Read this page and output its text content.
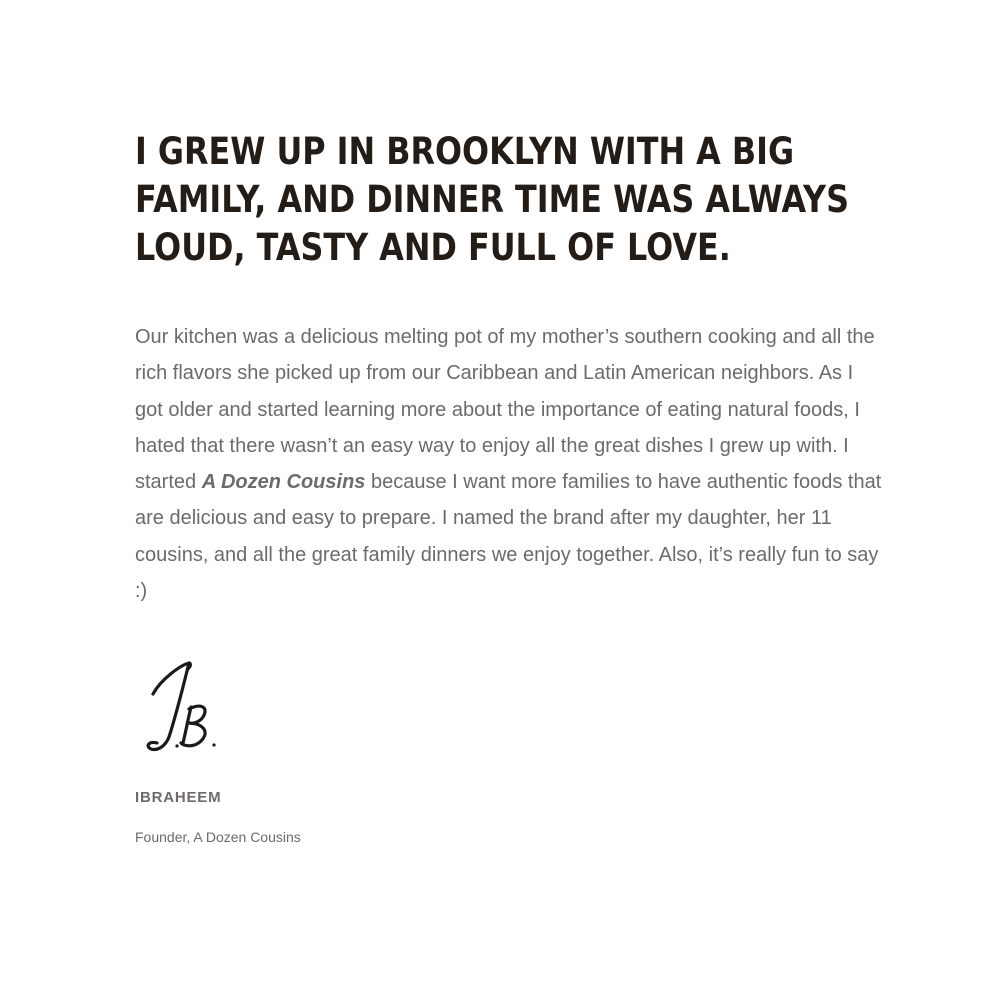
I GREW UP IN BROOKLYN WITH A BIG FAMILY, AND DINNER TIME WAS ALWAYS LOUD, TASTY AND FULL OF LOVE.

Our kitchen was a delicious melting pot of my mother’s southern cooking and all the rich flavors she picked up from our Caribbean and Latin American neighbors. As I got older and started learning more about the importance of eating natural foods, I hated that there wasn’t an easy way to enjoy all the great dishes I grew up with. I started A Dozen Cousins because I want more families to have authentic foods that are delicious and easy to prepare. I named the brand after my daughter, her 11 cousins, and all the great family dinners we enjoy together. Also, it’s really fun to say :)

IBRAHEEM
Founder, A Dozen Cousins
